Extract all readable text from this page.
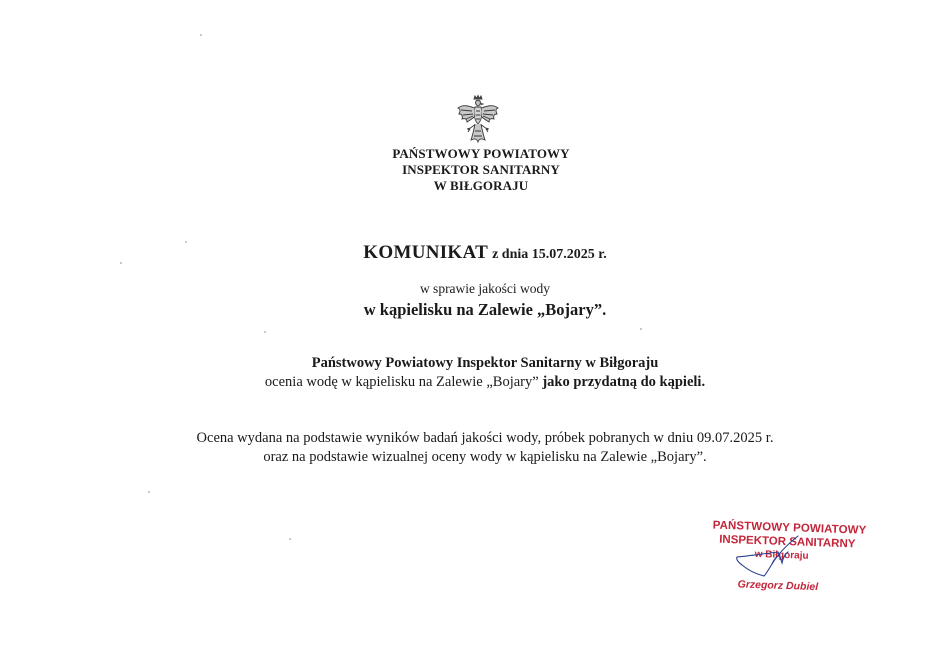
PAŃSTWOWY POWIATOWY
INSPEKTOR SANITARNY
W BIŁGORAJU
KOMUNIKAT z dnia 15.07.2025 r.
w sprawie jakości wody
w kąpielisku na Zalewie „Bojary”.
Państwowy Powiatowy Inspektor Sanitarny w Biłgoraju
ocenia wodę w kąpielisku na Zalewie „Bojary” jako przydatną do kąpieli.
Ocena wydana na podstawie wyników badań jakości wody, próbek pobranych w dniu 09.07.2025 r.
oraz na podstawie wizualnej oceny wody w kąpielisku na Zalewie „Bojary”.
PAŃSTWOWY POWIATOWY
INSPEKTOR SANITARNY
w Biłgoraju
Grzegorz Dubiel
